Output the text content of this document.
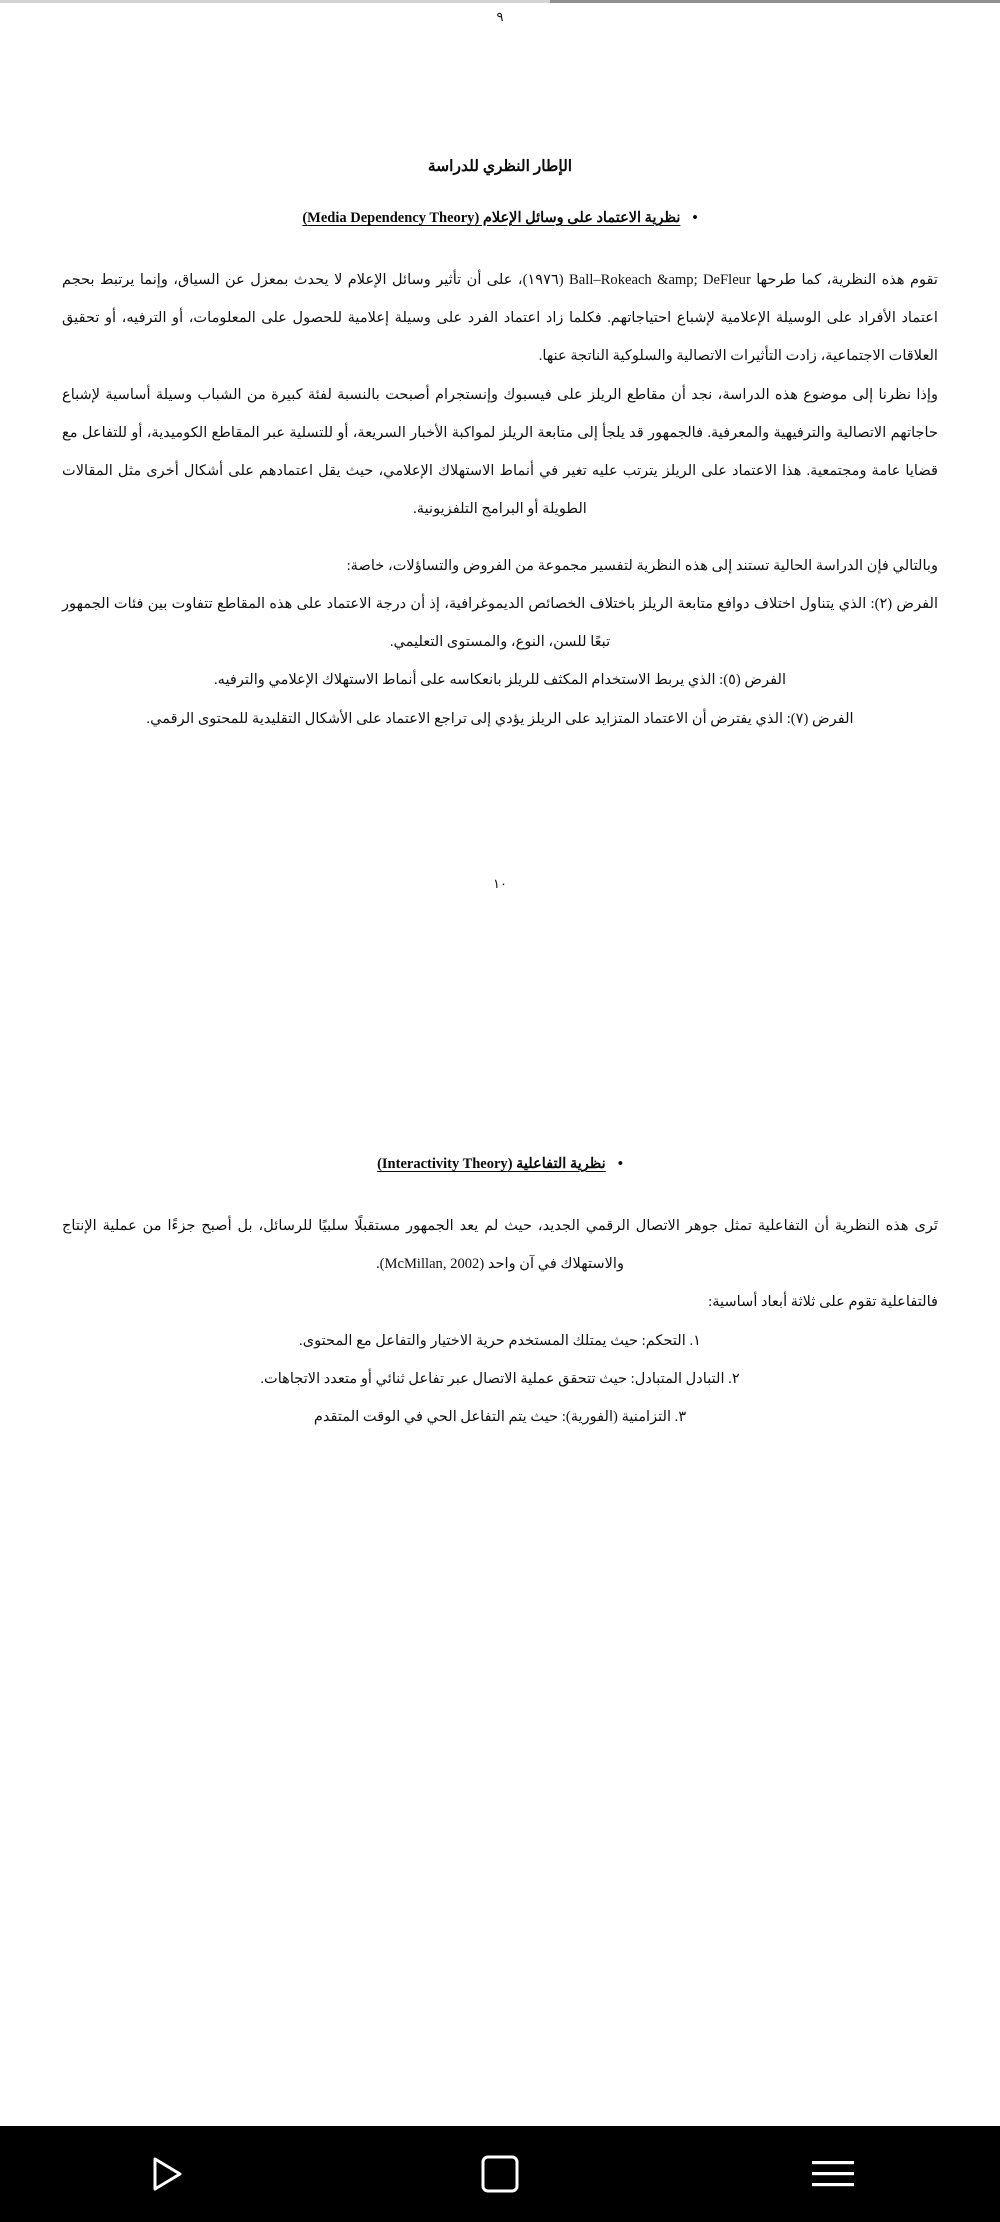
٩
الإطار النظري للدراسة
•
نظرية الاعتماد على وسائل الإعلام (Media Dependency Theory)

تقوم هذه النظرية، كما طرحها Ball–Rokeach &amp; DeFleur (١٩٧٦)، على أن تأثير وسائل الإعلام لا يحدث بمعزل عن السياق، وإنما يرتبط بحجم اعتماد الأفراد على الوسيلة الإعلامية لإشباع احتياجاتهم. فكلما زاد اعتماد الفرد على وسيلة إعلامية للحصول على المعلومات، أو الترفيه، أو تحقيق العلاقات الاجتماعية، زادت التأثيرات الاتصالية والسلوكية الناتجة عنها.

وإذا نظرنا إلى موضوع هذه الدراسة، نجد أن مقاطع الريلز على فيسبوك وإنستجرام أصبحت بالنسبة لفئة كبيرة من الشباب وسيلة أساسية لإشباع حاجاتهم الاتصالية والترفيهية والمعرفية. فالجمهور قد يلجأ إلى متابعة الريلز لمواكبة الأخبار السريعة، أو للتسلية عبر المقاطع الكوميدية، أو للتفاعل مع قضايا عامة ومجتمعية. هذا الاعتماد على الريلز يترتب عليه تغير في أنماط الاستهلاك الإعلامي، حيث يقل اعتمادهم على أشكال أخرى مثل المقالات الطويلة أو البرامج التلفزيونية.

وبالتالي فإن الدراسة الحالية تستند إلى هذه النظرية لتفسير مجموعة من الفروض والتساؤلات، خاصة:

الفرض (٢): الذي يتناول اختلاف دوافع متابعة الريلز باختلاف الخصائص الديموغرافية، إذ أن درجة الاعتماد على هذه المقاطع تتفاوت بين فئات الجمهور تبعًا للسن، النوع، والمستوى التعليمي.

الفرض (٥): الذي يربط الاستخدام المكثف للريلز بانعكاسه على أنماط الاستهلاك الإعلامي والترفيه.

الفرض (٧): الذي يفترض أن الاعتماد المتزايد على الريلز يؤدي إلى تراجع الاعتماد على الأشكال التقليدية للمحتوى الرقمي.

١٠
•
نظرية التفاعلية (Interactivity Theory)

تَرى هذه النظرية أن التفاعلية تمثل جوهر الاتصال الرقمي الجديد، حيث لم يعد الجمهور مستقبلًا سلبيًا للرسائل، بل أصبح جزءًا من عملية الإنتاج والاستهلاك في آن واحد (McMillan, 2002).

فالتفاعلية تقوم على ثلاثة أبعاد أساسية:

١. التحكم: حيث يمتلك المستخدم حرية الاختيار والتفاعل مع المحتوى.

٢. التبادل المتبادل: حيث تتحقق عملية الاتصال عبر تفاعل ثنائي أو متعدد الاتجاهات.

٣. التزامنية (الفورية): حيث يتم التفاعل الحي في الوقت المتقدم
